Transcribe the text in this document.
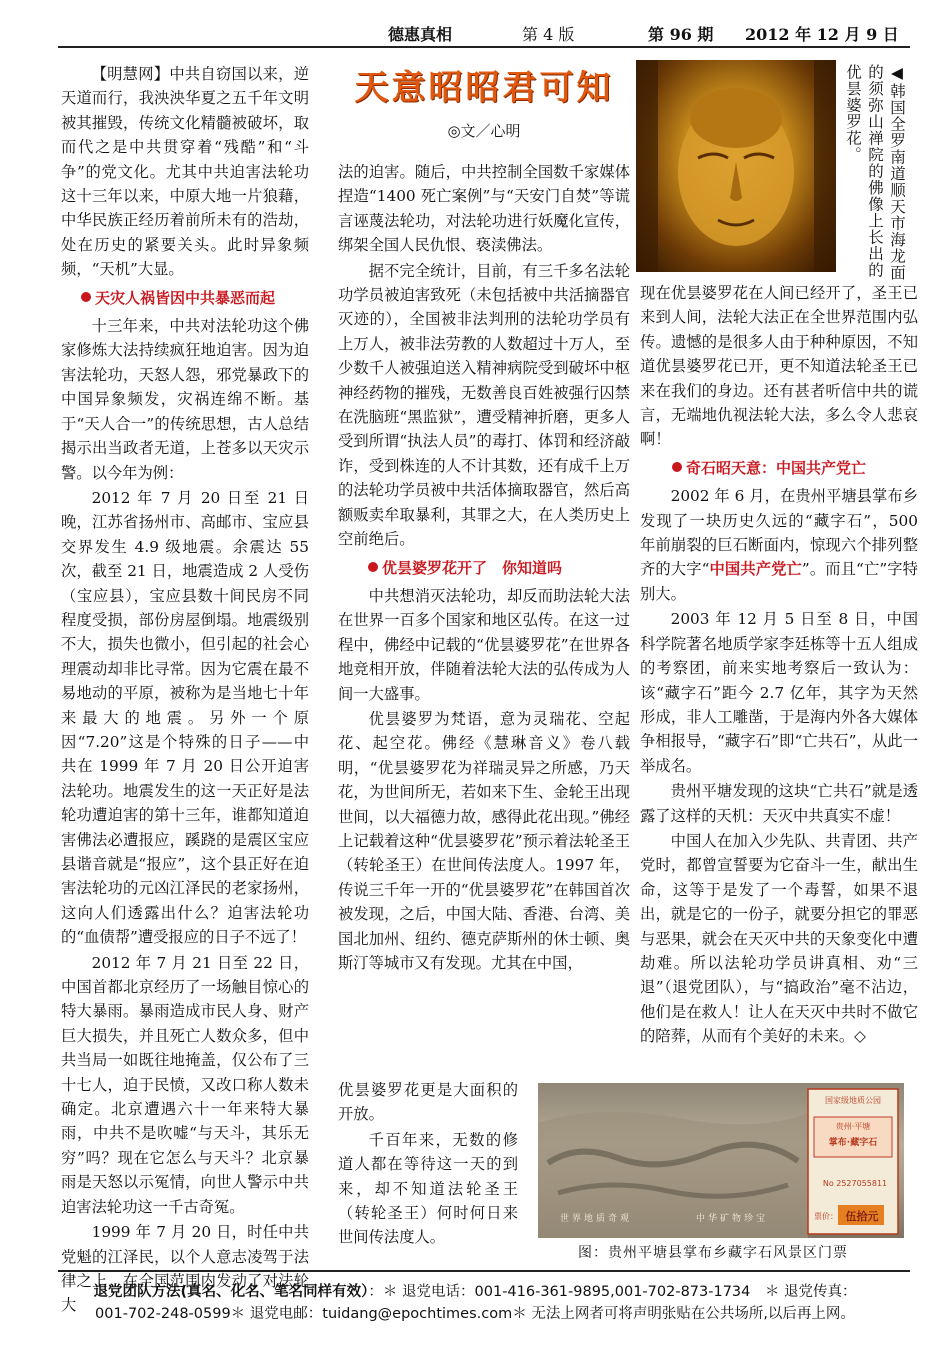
德惠真相	第 4 版	第 96 期 2012 年 12 月 9 日
天意昭昭君可知
◎文／心明

【明慧网】中共自窃国以来，逆天道而行，我泱泱华夏之五千年文明被其摧毁，传统文化精髓被破坏，取而代之是中共贯穿着“残酷”和“斗争”的党文化。尤其中共迫害法轮功这十三年以来，中原大地一片狼藉，中华民族正经历着前所未有的浩劫，处在历史的紧要关头。此时异象频频，“天机”大显。

天灾人祸皆因中共暴恶而起

十三年来，中共对法轮功这个佛家修炼大法持续疯狂地迫害。因为迫害法轮功，天怒人怨，邪党暴政下的中国异象频发，灾祸连绵不断。基于“天人合一”的传统思想，古人总结揭示出当政者无道，上苍多以天灾示警。以今年为例：

2012 年 7 月 20 日至 21 日晚，江苏省扬州市、高邮市、宝应县交界发生 4.9 级地震。余震达 55 次，截至 21 日，地震造成 2 人受伤（宝应县），宝应县数十间民房不同程度受损，部份房屋倒塌。地震级别不大，损失也微小，但引起的社会心理震动却非比寻常。因为它震在最不易地动的平原，被称为是当地七十年来最大的地震。另外一个原因“7.20”这是个特殊的日子——中共在 1999 年 7 月 20 日公开迫害法轮功。地震发生的这一天正好是法轮功遭迫害的第十三年，谁都知道迫害佛法必遭报应，蹊跷的是震区宝应县谐音就是“报应”，这个县正好在迫害法轮功的元凶江泽民的老家扬州，这向人们透露出什么？迫害法轮功的“血债帮”遭受报应的日子不远了！

2012 年 7 月 21 日至 22 日，中国首都北京经历了一场触目惊心的特大暴雨。暴雨造成市民人身、财产巨大损失，并且死亡人数众多，但中共当局一如既往地掩盖，仅公布了三十七人，迫于民愤，又改口称人数未确定。北京遭遇六十一年来特大暴雨，中共不是吹嘘“与天斗，其乐无穷”吗？现在它怎么与天斗？北京暴雨是天怒以示冤情，向世人警示中共迫害法轮功这一千古奇冤。

1999 年 7 月 20 日，时任中共党魁的江泽民，以个人意志凌驾于法律之上，在全国范围内发动了对法轮大

法的迫害。随后，中共控制全国数千家媒体捏造“1400 死亡案例”与“天安门自焚”等谎言诬蔑法轮功，对法轮功进行妖魔化宣传，绑架全国人民仇恨、亵渎佛法。

据不完全统计，目前，有三千多名法轮功学员被迫害致死（未包括被中共活摘器官灭迹的），全国被非法判刑的法轮功学员有上万人，被非法劳教的人数超过十万人，至少数千人被强迫送入精神病院受到破坏中枢神经药物的摧残，无数善良百姓被强行囚禁在洗脑班“黑监狱”，遭受精神折磨，更多人受到所谓“执法人员”的毒打、体罚和经济敲诈，受到株连的人不计其数，还有成千上万的法轮功学员被中共活体摘取器官，然后高额贩卖牟取暴利，其罪之大，在人类历史上空前绝后。

优昙婆罗花开了　你知道吗

中共想消灭法轮功，却反而助法轮大法在世界一百多个国家和地区弘传。在这一过程中，佛经中记载的“优昙婆罗花”在世界各地竞相开放，伴随着法轮大法的弘传成为人间一大盛事。

优昙婆罗为梵语，意为灵瑞花、空起花、起空花。佛经《慧琳音义》卷八载明，“优昙婆罗花为祥瑞灵异之所感，乃天花，为世间所无，若如来下生、金轮王出现世间，以大福德力故，感得此花出现。”佛经上记载着这种“优昙婆罗花”预示着法轮圣王（转轮圣王）在世间传法度人。1997 年，传说三千年一开的“优昙婆罗花”在韩国首次被发现，之后，中国大陆、香港、台湾、美国北加州、纽约、德克萨斯州的休士顿、奥斯汀等城市又有发现。尤其在中国，

优昙婆罗花更是大面积的开放。

千百年来，无数的修道人都在等待这一天的到来，却不知道法轮圣王（转轮圣王）何时何日来世间传法度人。

◀韩国全罗南道顺天市海龙面的须弥山禅院的佛像上长出的优昙婆罗花。

现在优昙婆罗花在人间已经开了，圣王已来到人间，法轮大法正在全世界范围内弘传。遗憾的是很多人由于种种原因，不知道优昙婆罗花已开，更不知道法轮圣王已来在我们的身边。还有甚者听信中共的谎言，无端地仇视法轮大法，多么令人悲哀啊！

奇石昭天意：中国共产党亡

2002 年 6 月，在贵州平塘县掌布乡发现了一块历史久远的“藏字石”，500 年前崩裂的巨石断面内，惊现六个排列整齐的大字“中国共产党亡”。而且“亡”字特别大。

2003 年 12 月 5 日至 8 日，中国科学院著名地质学家李廷栋等十五人组成的考察团，前来实地考察后一致认为：该“藏字石”距今 2.7 亿年，其字为天然形成，非人工雕凿，于是海内外各大媒体争相报导，“藏字石”即“亡共石”，从此一举成名。

贵州平塘发现的这块“亡共石”就是透露了这样的天机：天灭中共真实不虚！

中国人在加入少先队、共青团、共产党时，都曾宣誓要为它奋斗一生，献出生命，这等于是发了一个毒誓，如果不退出，就是它的一份子，就要分担它的罪恶与恶果，就会在天灭中共的天象变化中遭劫难。所以法轮功学员讲真相、劝“三退”（退党团队），与“搞政治”毫不沾边，他们是在救人！让人在天灭中共时不做它的陪葬，从而有个美好的未来。◇

国家级地质公园
贵州·平塘
掌布·藏字石
No 2527055811
票价： 伍拾元
世界地质奇观	中华矿物珍宝
图：贵州平塘县掌布乡藏字石风景区门票
退党团队方法(真名、化名、笔名同样有效）：＊ 退党电话：001-416-361-9895,001-702-873-1734　＊ 退党传真：
001-702-248-0599＊ 退党电邮：tuidang@epochtimes.com＊ 无法上网者可将声明张贴在公共场所,以后再上网。
